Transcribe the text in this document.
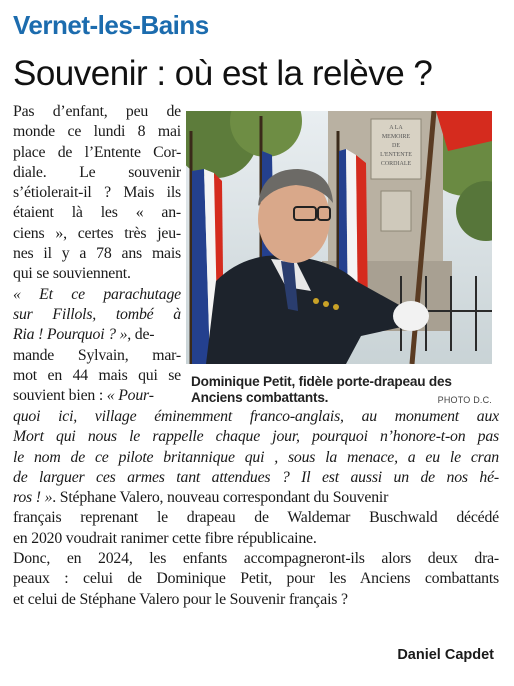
Vernet-les-Bains
Souvenir : où est la relève ?
Pas d’enfant, peu de
monde ce lundi 8 mai
place de l’Entente Cor-
diale. Le souvenir
s’étiolerait-il ? Mais ils
étaient là les « an-
ciens », certes très jeu-
nes il y a 78 ans mais
qui se souviennent.
« Et ce parachutage
sur Fillols, tombé à
Ria ! Pourquoi ? », de-
mande Sylvain, mar-
mot en 44 mais qui se
souvient bien : « Pour-
A LA
MEMOIRE
DE
L'ENTENTE
CORDIALE
Dominique Petit, fidèle porte-drapeau des Anciens combattants.	PHOTO D.C.
quoi ici, village éminemment franco-anglais, au monument aux
Mort qui nous le rappelle chaque jour, pourquoi n’honore-t-on pas
le nom de ce pilote britannique qui , sous la menace, a eu le cran
de larguer ces armes tant attendues ? Il est aussi un de nos hé-
ros ! ». Stéphane Valero, nouveau correspondant du Souvenir
français reprenant le drapeau de Waldemar Buschwald décédé
en 2020 voudrait ranimer cette fibre républicaine.
Donc, en 2024, les enfants accompagneront-ils alors deux dra-
peaux : celui de Dominique Petit, pour les Anciens combattants
et celui de Stéphane Valero pour le Souvenir français ?
Daniel Capdet
